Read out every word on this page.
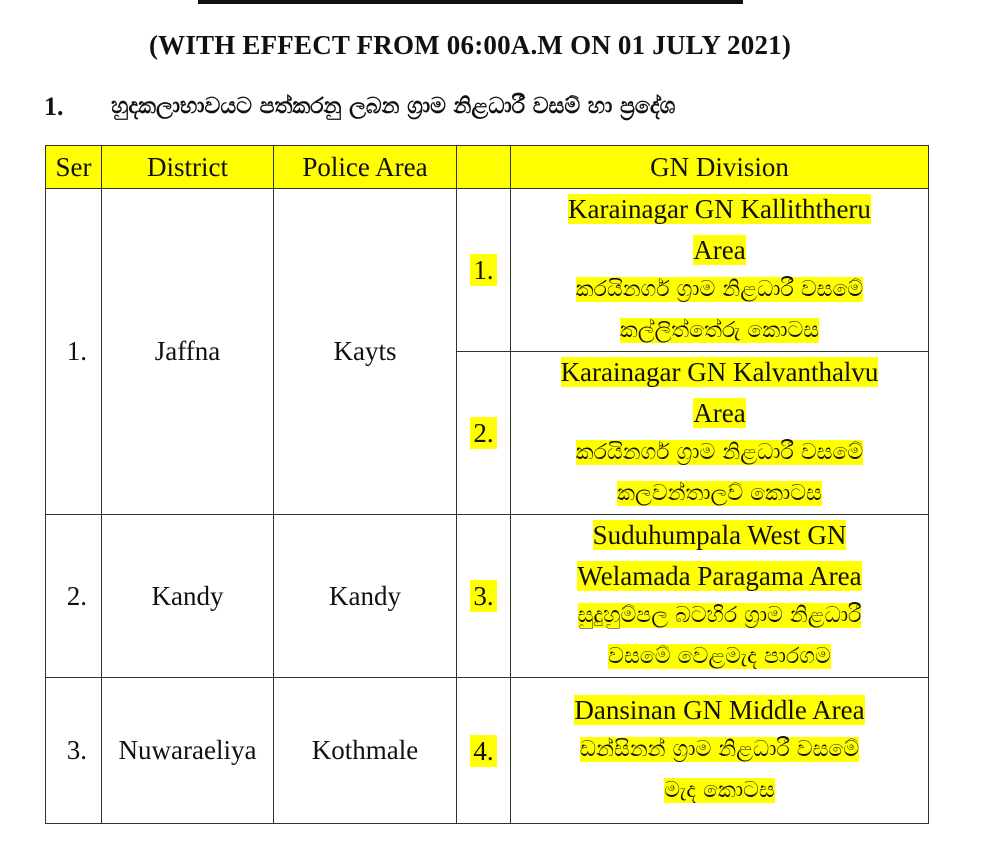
(WITH EFFECT FROM 06:00A.M ON 01 JULY 2021)
1. හුදකලාභාවයට පත්කරනු ලබන ග්‍රාම නිළධාරී වසම් හා ප්‍රදේශ
Ser	District	Police Area		GN Division
1.	Jaffna	Kayts	1.	Karainagar GN Kalliththeru
Area
කරයිනගර් ග්‍රාම නිළධාරී වසමේ
කල්ලිත්තේරු කොටස

			2.	Karainagar GN Kalvanthalvu
Area
කරයිනගර් ග්‍රාම නිළධාරී වසමේ
කලවන්තාලව් කොටස

2.	Kandy	Kandy	3.	Suduhumpala West GN
Welamada Paragama Area
සුදුහුම්පල බටහිර ග්‍රාම නිළධාරී
වසමේ වෙළමැද පාරගම

3.	Nuwaraeliya	Kothmale	4.	Dansinan GN Middle Area
ඩන්සිනන් ග්‍රාම නිළධාරී වසමේ
මැද කොටස
